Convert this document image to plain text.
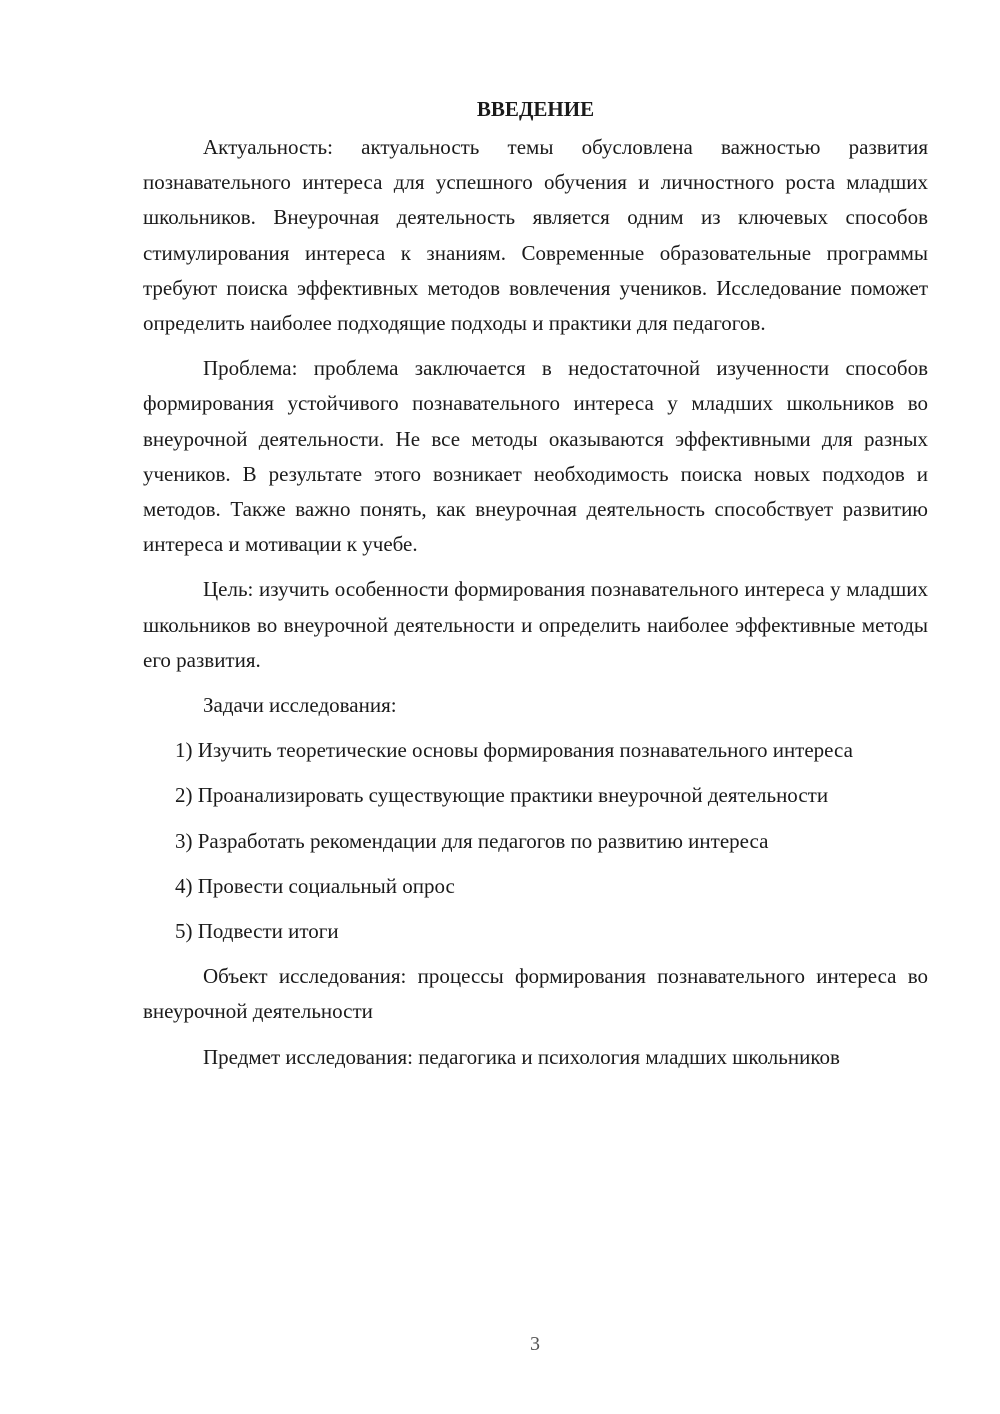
ВВЕДЕНИЕ

Актуальность: актуальность темы обусловлена важностью развития познавательного интереса для успешного обучения и личностного роста младших школьников. Внеурочная деятельность является одним из ключевых способов стимулирования интереса к знаниям. Современные образовательные программы требуют поиска эффективных методов вовлечения учеников. Исследование поможет определить наиболее подходящие подходы и практики для педагогов.

Проблема: проблема заключается в недостаточной изученности способов формирования устойчивого познавательного интереса у младших школьников во внеурочной деятельности. Не все методы оказываются эффективными для разных учеников. В результате этого возникает необходимость поиска новых подходов и методов. Также важно понять, как внеурочная деятельность способствует развитию интереса и мотивации к учебе.

Цель: изучить особенности формирования познавательного интереса у младших школьников во внеурочной деятельности и определить наиболее эффективные методы его развития.

Задачи исследования:

1) Изучить теоретические основы формирования познавательного интереса

2) Проанализировать существующие практики внеурочной деятельности

3) Разработать рекомендации для педагогов по развитию интереса

4) Провести социальный опрос

5) Подвести итоги

Объект исследования: процессы формирования познавательного интереса во внеурочной деятельности

Предмет исследования: педагогика и психология младших школьников

3
